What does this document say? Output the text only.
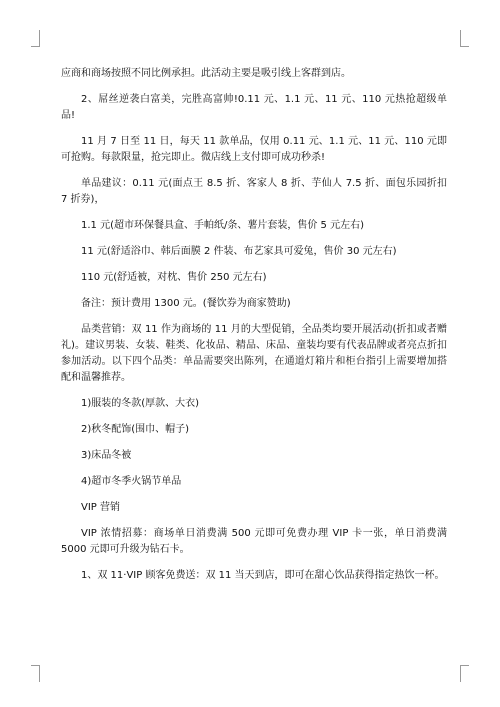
应商和商场按照不同比例承担。此活动主要是吸引线上客群到店。

2、屌丝逆袭白富美，完胜高富帅!0.11 元、1.1 元、11 元、110 元热抢超级单品!

11 月 7 日至 11 日，每天 11 款单品，仅用 0.11 元、1.1 元、11 元、110 元即可抢购。每款限量，抢完即止。微店线上支付即可成功秒杀!

单品建议：0.11 元(面点王 8.5 折、客家人 8 折、芋仙人 7.5 折、面包乐园折扣 7 折券)，

1.1 元(超市环保餐具盒、手帕纸/条、薯片套装，售价 5 元左右)

11 元(舒适浴巾、韩后面膜 2 件装、布艺家具可爱兔，售价 30 元左右)

110 元(舒适被，对枕、售价 250 元左右)

备注：预计费用 1300 元。(餐饮券为商家赞助)

品类营销：双 11 作为商场的 11 月的大型促销，全品类均要开展活动(折扣或者赠礼)。建议男装、女装、鞋类、化妆品、精品、床品、童装均要有代表品牌或者亮点折扣参加活动。以下四个品类：单品需要突出陈列，在通道灯箱片和柜台指引上需要增加搭配和温馨推荐。

1)服装的冬款(厚款、大衣)

2)秋冬配饰(围巾、帽子)

3)床品冬被

4)超市冬季火锅节单品

VIP 营销

VIP 浓情招募：商场单日消费满 500 元即可免费办理 VIP 卡一张，单日消费满 5000 元即可升级为钻石卡。

1、双 11·VIP 顾客免费送：双 11 当天到店，即可在甜心饮品获得指定热饮一杯。
